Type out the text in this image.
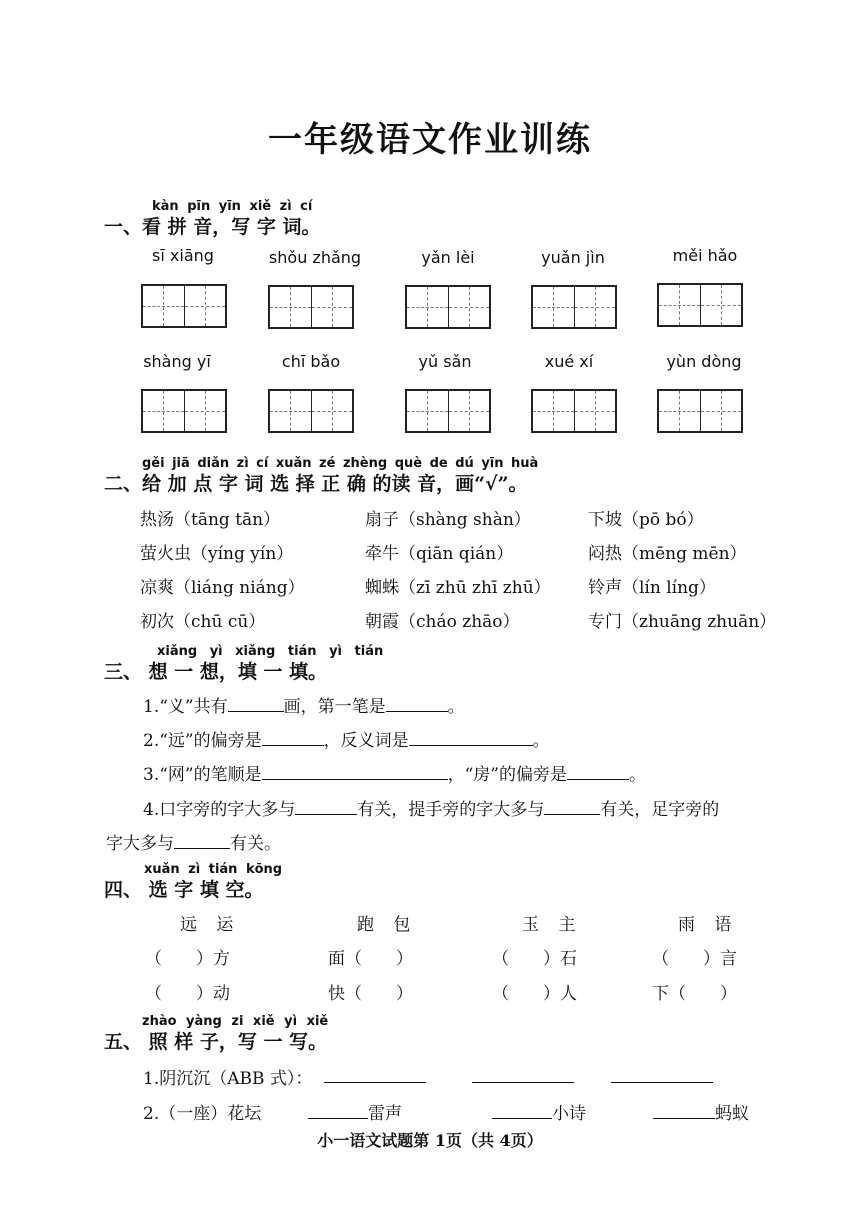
一年级语文作业训练
kàn pīn yīn xiě zì cí
一、看 拼 音，写 字 词。
sī xiāng	shǒu zhǎng	yǎn lèi	yuǎn jìn	měi hǎo
shàng yī	chī bǎo	yǔ sǎn	xué xí	yùn dòng
gěi jiā diǎn zì cí xuǎn zé zhèng què de dú yīn huà
二、给 加 点 字 词 选 择 正 确 的读 音，画“√”。
热汤（tāng tān）	扇子（shàng shàn）	下坡（pō bó）
萤火虫（yíng yín）	牵牛（qiān qián）	闷热（mēng mēn）
凉爽（liáng niáng）	蜘蛛（zī zhū zhī zhū） 铃声（lín líng）
初次（chū cū）	朝霞（cháo zhāo）	专门（zhuāng zhuān）
xiǎng yì xiǎng tián yì tián
三、 想 一 想，填 一 填。
1.“义”共有	画，第一笔是	。
2.“远”的偏旁是	，反义词是	。
3.“网”的笔顺是	，“房”的偏旁是	。
4.口字旁的字大多与	有关，提手旁的字大多与	有关，足字旁的
字大多与	有关。
xuǎn zì tián kōng
四、 选 字 填 空。
远 运	跑 包	玉 主	雨 语
（　　）方	面（　　）	（　　）石	（　　）言
（　　）动	快（　　）	（　　）人	下（　　）
zhào yàng zi xiě yì xiě
五、 照 样 子，写 一 写。
1.阴沉沉（ABB 式）：
2.（一座）花坛	雷声	小诗	蚂蚁
小一语文试题第 1页（共 4页）
